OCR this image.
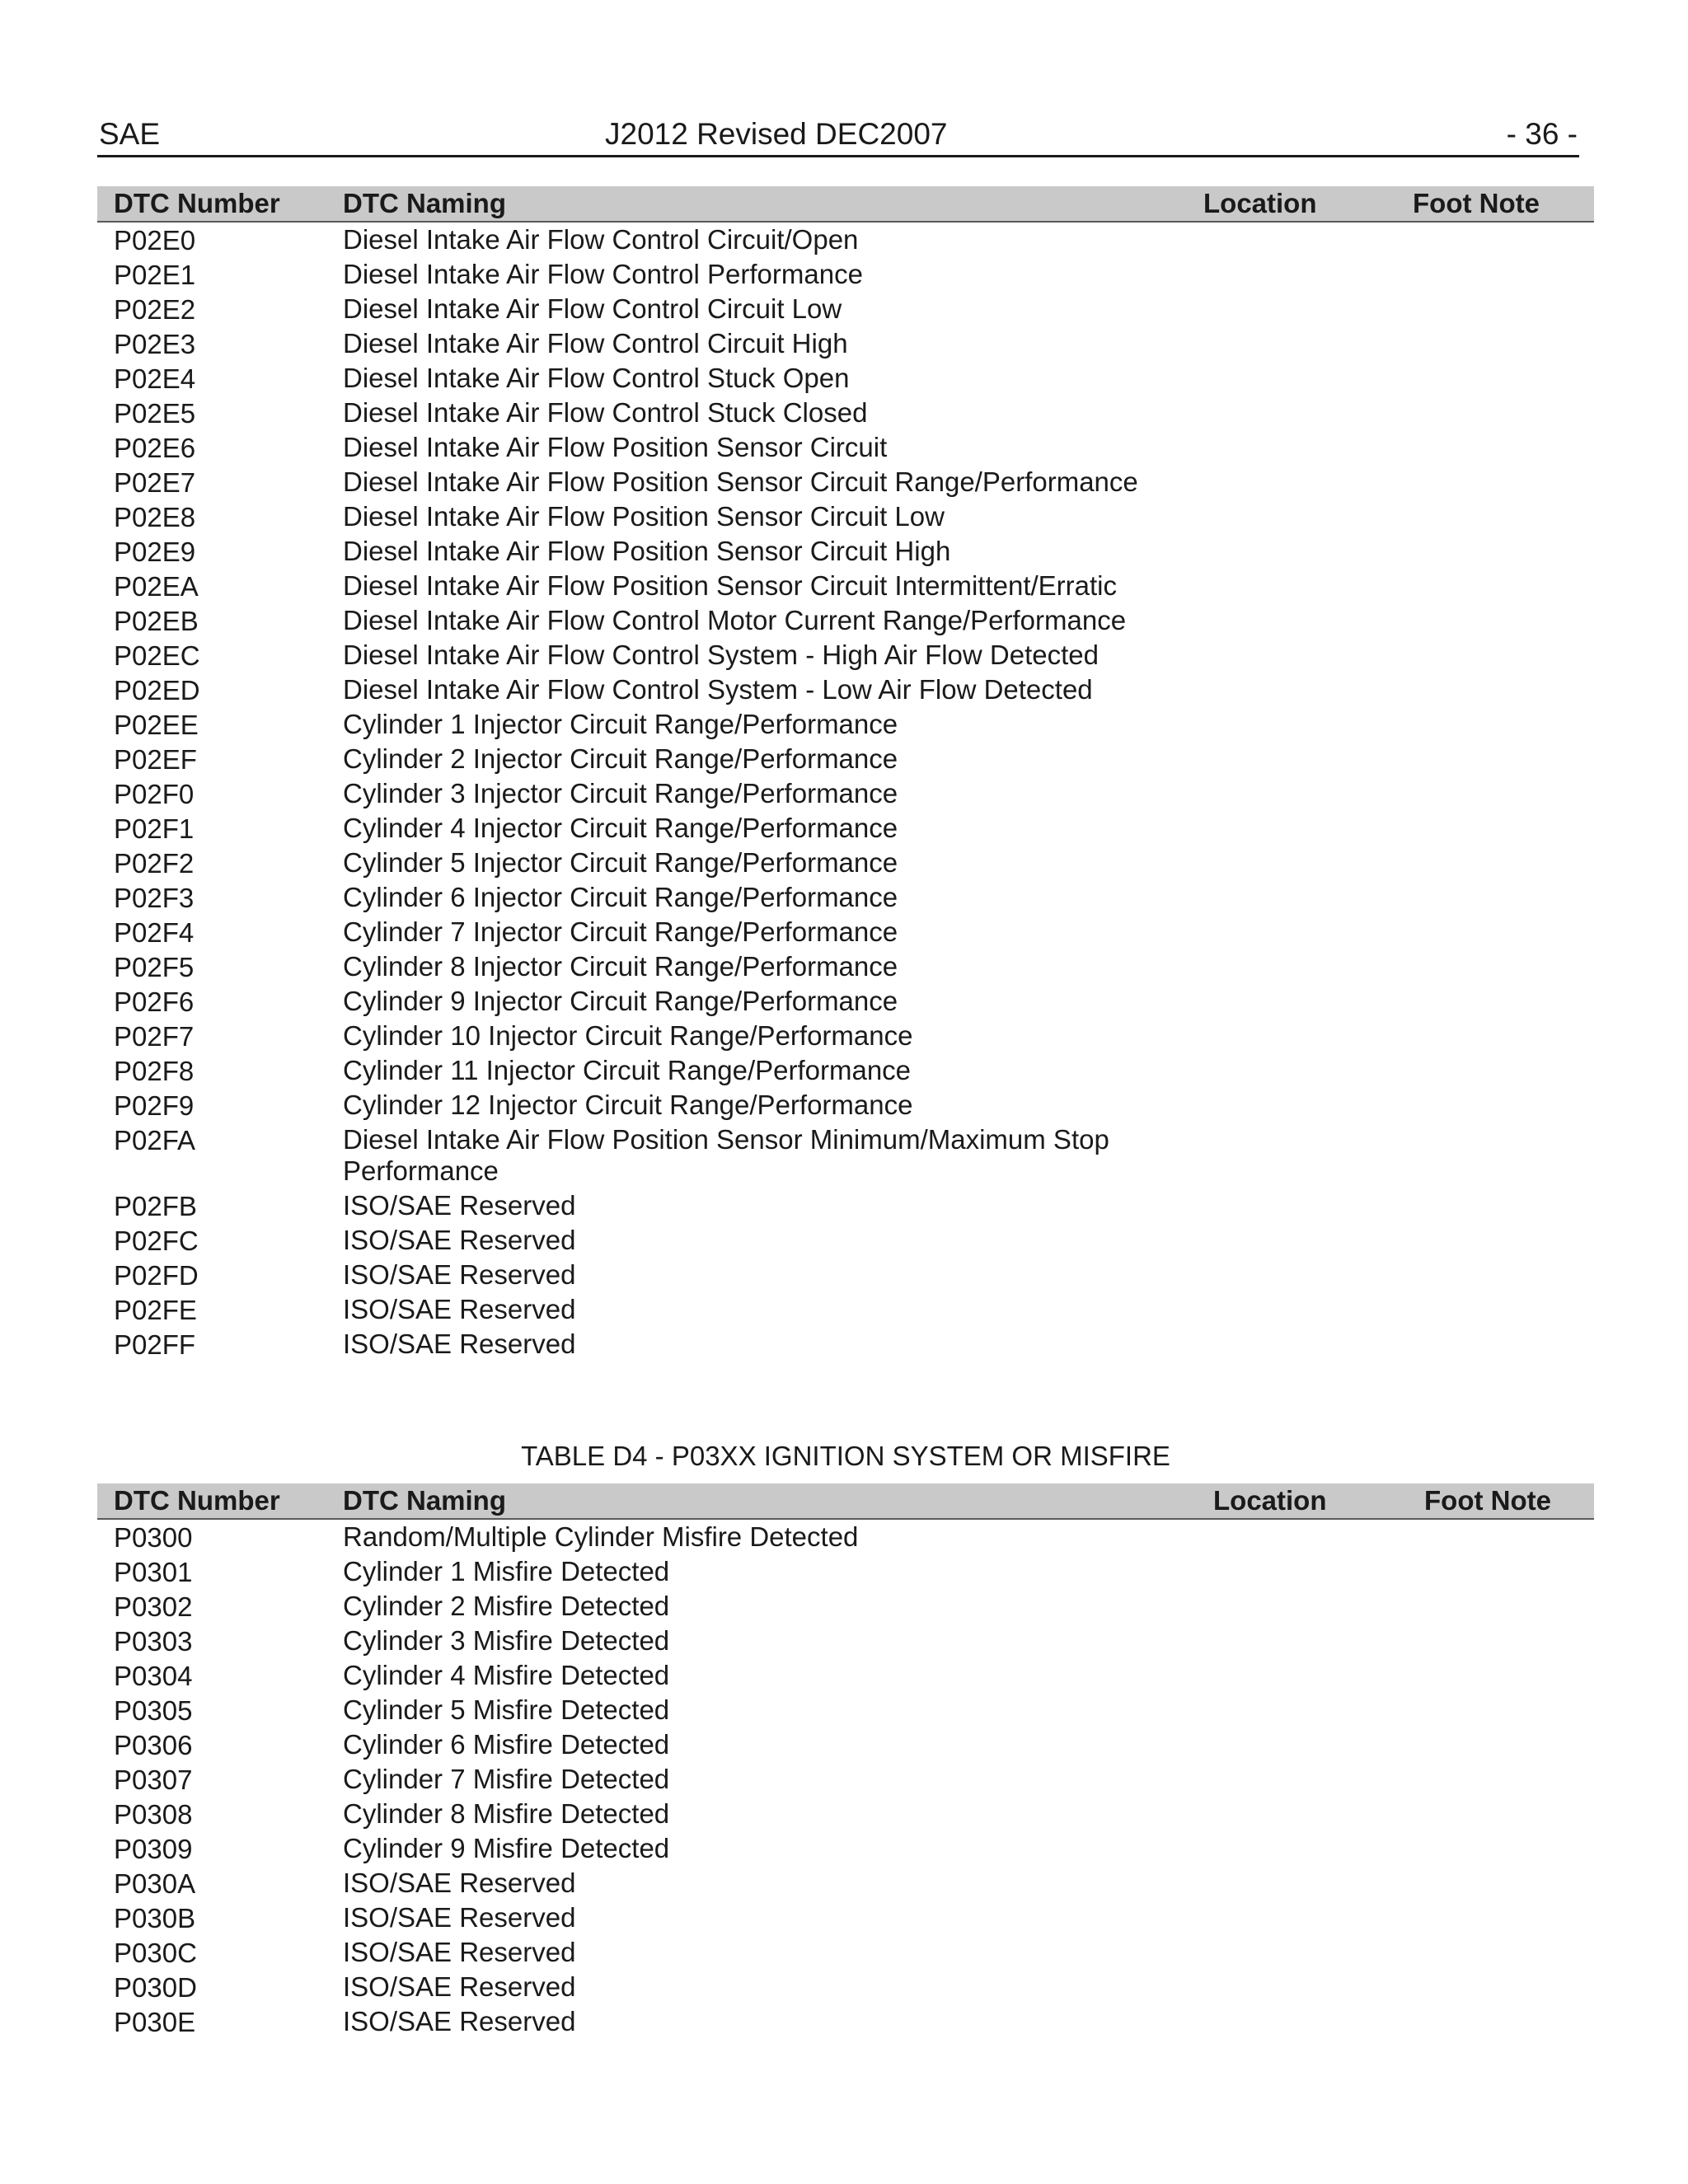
SAE	J2012 Revised DEC2007	- 36 -
DTC Number DTC Naming	Location	Foot Note
P02E0	Diesel Intake Air Flow Control Circuit/Open
P02E1	Diesel Intake Air Flow Control Performance
P02E2	Diesel Intake Air Flow Control Circuit Low
P02E3	Diesel Intake Air Flow Control Circuit High
P02E4	Diesel Intake Air Flow Control Stuck Open
P02E5	Diesel Intake Air Flow Control Stuck Closed
P02E6	Diesel Intake Air Flow Position Sensor Circuit
P02E7	Diesel Intake Air Flow Position Sensor Circuit Range/Performance
P02E8	Diesel Intake Air Flow Position Sensor Circuit Low
P02E9	Diesel Intake Air Flow Position Sensor Circuit High
P02EA	Diesel Intake Air Flow Position Sensor Circuit Intermittent/Erratic
P02EB	Diesel Intake Air Flow Control Motor Current Range/Performance
P02EC	Diesel Intake Air Flow Control System - High Air Flow Detected
P02ED	Diesel Intake Air Flow Control System - Low Air Flow Detected
P02EE	Cylinder 1 Injector Circuit Range/Performance
P02EF	Cylinder 2 Injector Circuit Range/Performance
P02F0	Cylinder 3 Injector Circuit Range/Performance
P02F1	Cylinder 4 Injector Circuit Range/Performance
P02F2	Cylinder 5 Injector Circuit Range/Performance
P02F3	Cylinder 6 Injector Circuit Range/Performance
P02F4	Cylinder 7 Injector Circuit Range/Performance
P02F5	Cylinder 8 Injector Circuit Range/Performance
P02F6	Cylinder 9 Injector Circuit Range/Performance
P02F7	Cylinder 10 Injector Circuit Range/Performance
P02F8	Cylinder 11 Injector Circuit Range/Performance
P02F9	Cylinder 12 Injector Circuit Range/Performance
P02FA	Diesel Intake Air Flow Position Sensor Minimum/Maximum Stop Performance
P02FB	ISO/SAE Reserved
P02FC	ISO/SAE Reserved
P02FD	ISO/SAE Reserved
P02FE	ISO/SAE Reserved
P02FF	ISO/SAE Reserved
TABLE D4 - P03XX IGNITION SYSTEM OR MISFIRE
DTC Number DTC Naming	Location	Foot Note
P0300	Random/Multiple Cylinder Misfire Detected
P0301	Cylinder 1 Misfire Detected
P0302	Cylinder 2 Misfire Detected
P0303	Cylinder 3 Misfire Detected
P0304	Cylinder 4 Misfire Detected
P0305	Cylinder 5 Misfire Detected
P0306	Cylinder 6 Misfire Detected
P0307	Cylinder 7 Misfire Detected
P0308	Cylinder 8 Misfire Detected
P0309	Cylinder 9 Misfire Detected
P030A	ISO/SAE Reserved
P030B	ISO/SAE Reserved
P030C	ISO/SAE Reserved
P030D	ISO/SAE Reserved
P030E	ISO/SAE Reserved
